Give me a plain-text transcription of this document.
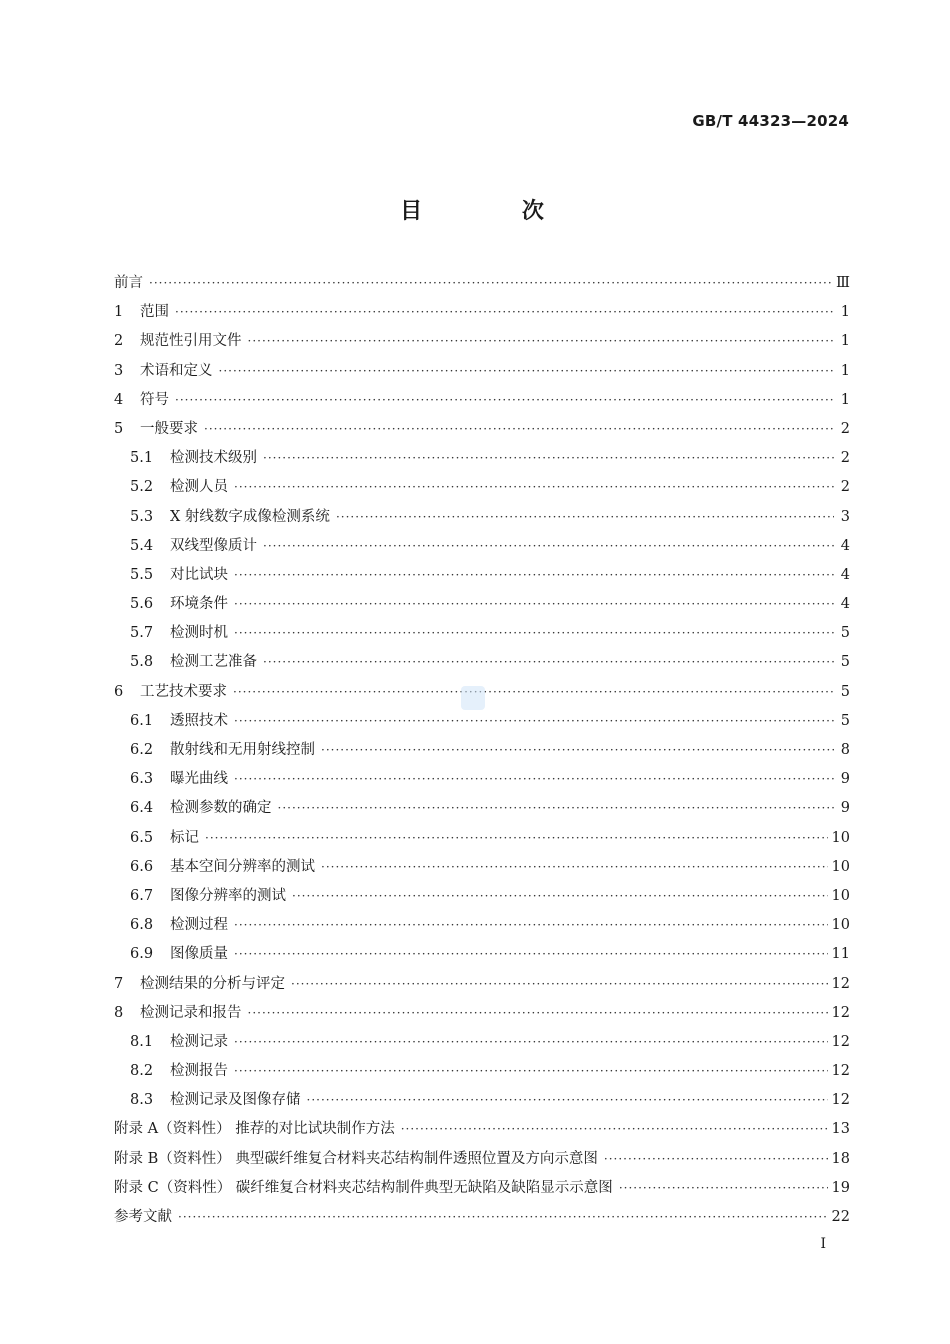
GB/T 44323—2024
目 次
前言 ·····	Ⅲ
1	范围 ·····	1
2	规范性引用文件 ·····	1
3	术语和定义 ·····	1
4	符号 ·····	1
5	一般要求 ·····	2
5.1	检测技术级别 ·····	2
5.2	检测人员 ·····	2
5.3	X 射线数字成像检测系统 ·····	3
5.4	双线型像质计 ·····	4
5.5	对比试块 ·····	4
5.6	环境条件 ·····	4
5.7	检测时机 ·····	5
5.8	检测工艺准备 ·····	5
6	工艺技术要求 ·····	5
6.1	透照技术 ·····	5
6.2	散射线和无用射线控制 ·····	8
6.3	曝光曲线 ·····	9
6.4	检测参数的确定 ·····	9
6.5	标记 ·····	10
6.6	基本空间分辨率的测试 ·····	10
6.7	图像分辨率的测试 ·····	10
6.8	检测过程 ·····	10
6.9	图像质量 ·····	11
7	检测结果的分析与评定 ·····	12
8	检测记录和报告 ·····	12
8.1	检测记录 ·····	12
8.2	检测报告 ·····	12
8.3	检测记录及图像存储 ·····	12
附录 A（资料性） 推荐的对比试块制作方法 ·····	13
附录 B（资料性） 典型碳纤维复合材料夹芯结构制件透照位置及方向示意图 ·····	18
附录 C（资料性） 碳纤维复合材料夹芯结构制件典型无缺陷及缺陷显示示意图 ·····	19
参考文献 ·····	22
Ⅰ
